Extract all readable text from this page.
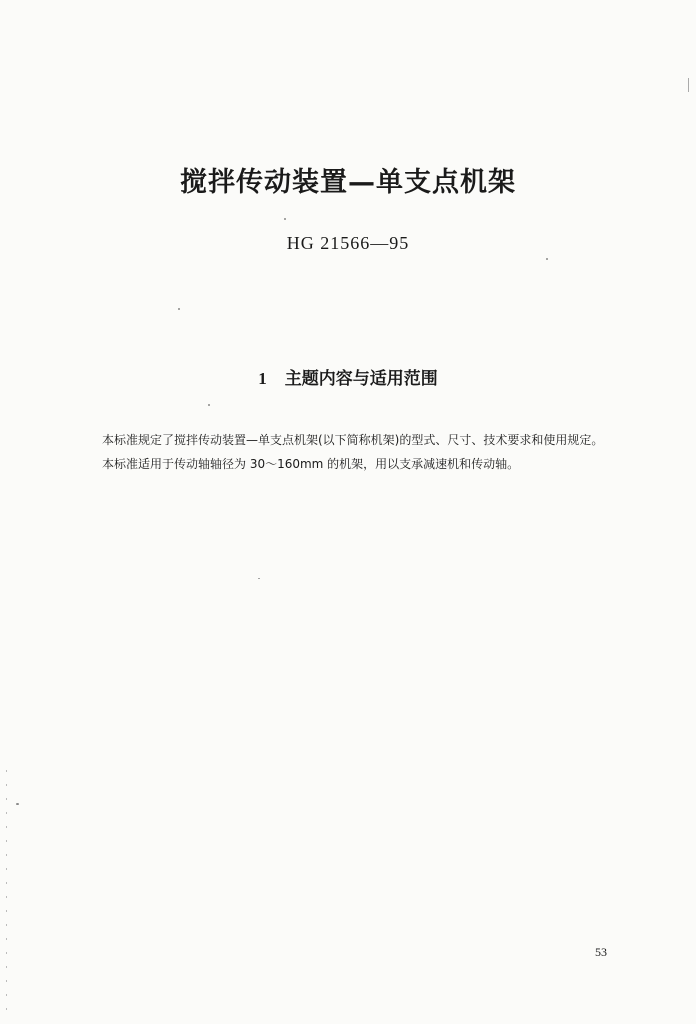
搅拌传动装置—单支点机架
HG 21566—95
1 主题内容与适用范围

本标准规定了搅拌传动装置—单支点机架(以下简称机架)的型式、尺寸、技术要求和使用规定。

本标准适用于传动轴轴径为 30～160mm 的机架，用以支承减速机和传动轴。

53
